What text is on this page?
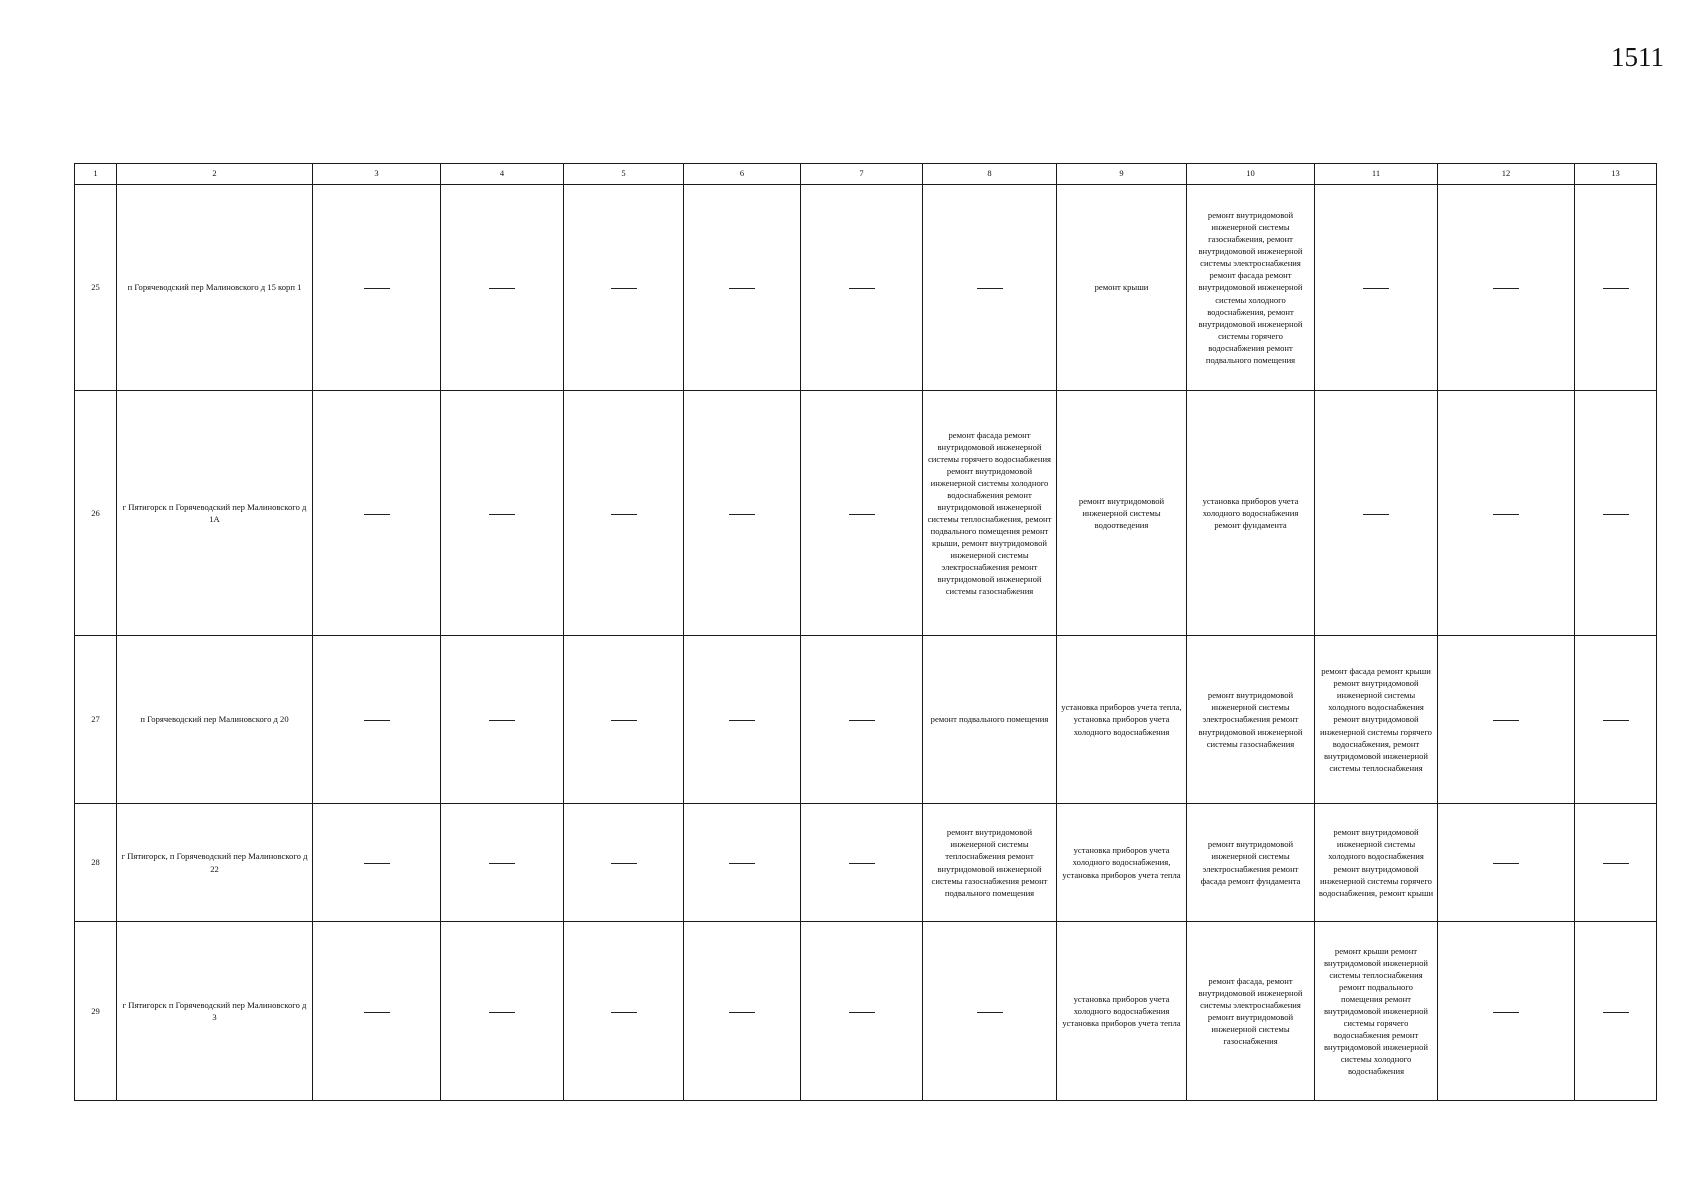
1511
1	2	3	4	5	6	7	8	9	10	11	12	13
25	п Горячеводский пер Малиновского д 15 корп 1							ремонт крыши	ремонт внутридомовой инженерной системы газоснабжения, ремонт внутридомовой инженерной системы электроснабжения ремонт фасада ремонт внутридомовой инженерной системы холодного водоснабжения, ремонт внутридомовой инженерной системы горячего водоснабжения ремонт подвального помещения			
26	г Пятигорск п Горячеводский пер Малиновского д 1А						ремонт фасада ремонт внутридомовой инженерной системы горячего водоснабжения ремонт внутридомовой инженерной системы холодного водоснабжения ремонт внутридомовой инженерной системы теплоснабжения, ремонт подвального помещения ремонт крыши, ремонт внутридомовой инженерной системы электроснабжения ремонт внутридомовой инженерной системы газоснабжения	ремонт внутридомовой инженерной системы водоотведения	установка приборов учета холодного водоснабжения ремонт фундамента			
27	п Горячеводский пер Малиновского д 20						ремонт подвального помещения	установка приборов учета тепла, установка приборов учета холодного водоснабжения	ремонт внутридомовой инженерной системы электроснабжения ремонт внутридомовой инженерной системы газоснабжения	ремонт фасада ремонт крыши ремонт внутридомовой инженерной системы холодного водоснабжения ремонт внутридомовой инженерной системы горячего водоснабжения, ремонт внутридомовой инженерной системы теплоснабжения		
28	г Пятигорск, п Горячеводский пер Малиновского д 22						ремонт внутридомовой инженерной системы теплоснабжения ремонт внутридомовой инженерной системы газоснабжения ремонт подвального помещения	установка приборов учета холодного водоснабжения, установка приборов учета тепла	ремонт внутридомовой инженерной системы электроснабжения ремонт фасада ремонт фундамента	ремонт внутридомовой инженерной системы холодного водоснабжения ремонт внутридомовой инженерной системы горячего водоснабжения, ремонт крыши		
29	г Пятигорск п Горячеводский пер Малиновского д 3							установка приборов учета холодного водоснабжения установка приборов учета тепла	ремонт фасада, ремонт внутридомовой инженерной системы электроснабжения ремонт внутридомовой инженерной системы газоснабжения	ремонт крыши ремонт внутридомовой инженерной системы теплоснабжения ремонт подвального помещения ремонт внутридомовой инженерной системы горячего водоснабжения ремонт внутридомовой инженерной системы холодного водоснабжения		
